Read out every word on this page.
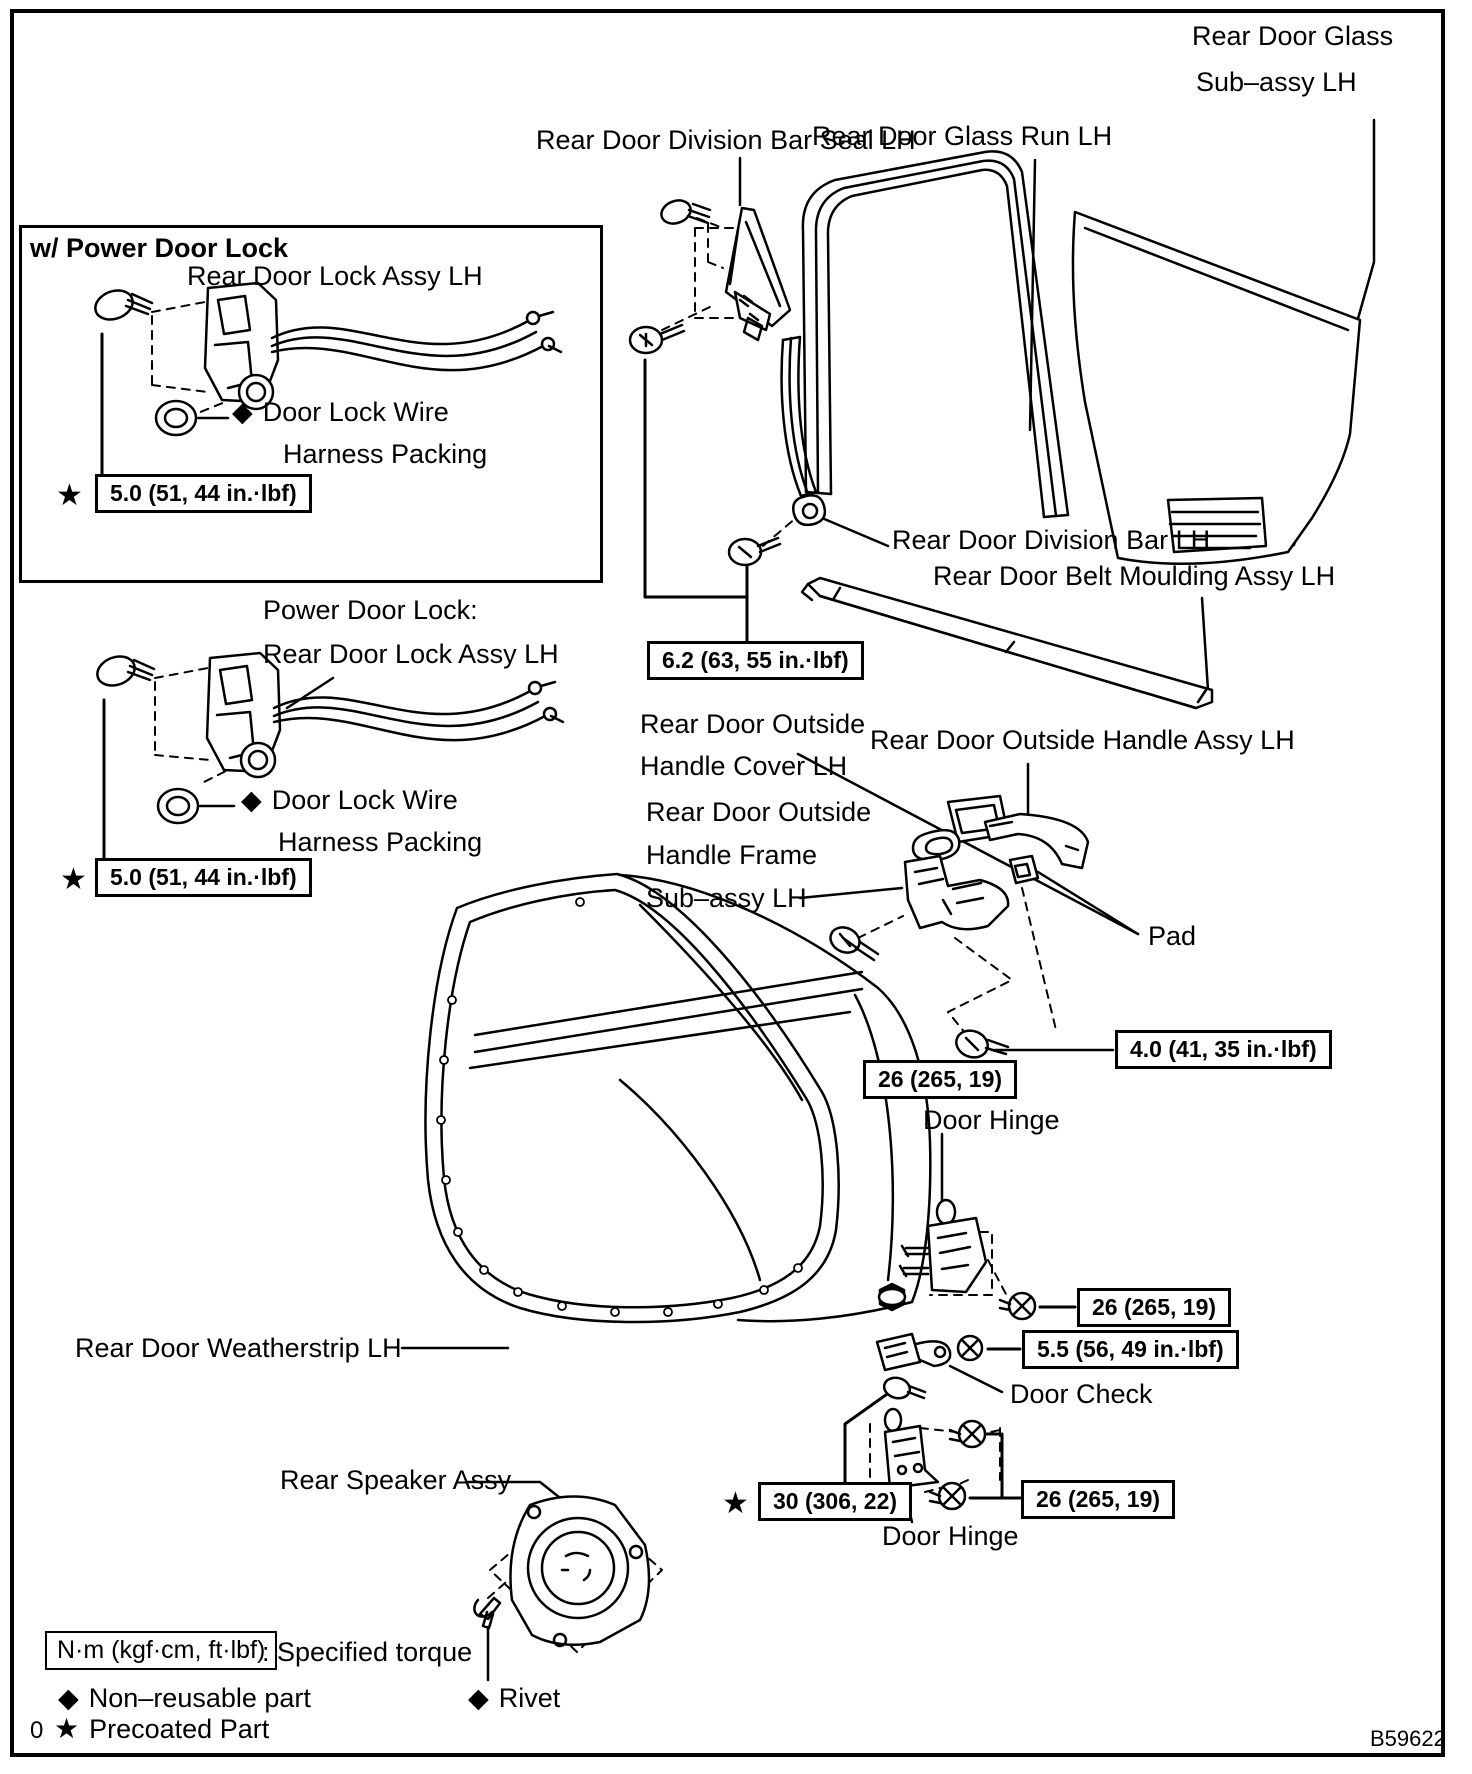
w/ Power Door Lock
Rear Door Glass
Sub–assy LH
Rear Door Glass Run LH
Rear Door Division Bar Seal LH
Rear Door Lock Assy LH
◆ Door Lock Wire
Harness Packing
★	5.0 (51, 44 in.·lbf)
Power Door Lock:
Rear Door Lock Assy LH
◆ Door Lock Wire
Harness Packing
★	5.0 (51, 44 in.·lbf)
6.2 (63, 55 in.·lbf)
Rear Door Division Bar LH
Rear Door Belt Moulding Assy LH
Rear Door Outside
Handle Cover LH
Rear Door Outside Handle Assy LH
Rear Door Outside
Handle Frame
Sub–assy LH
Pad
4.0 (41, 35 in.·lbf)
26 (265, 19)
Door Hinge
26 (265, 19)
5.5 (56, 49 in.·lbf)
Door Check
Rear Door Weatherstrip LH
★	30 (306, 22)	26 (265, 19)
Door Hinge
Rear Speaker Assy
◆ Rivet
N·m (kgf·cm, ft·lbf)
: Specified torque
◆ Non–reusable part
0 ★ Precoated Part	B59622
